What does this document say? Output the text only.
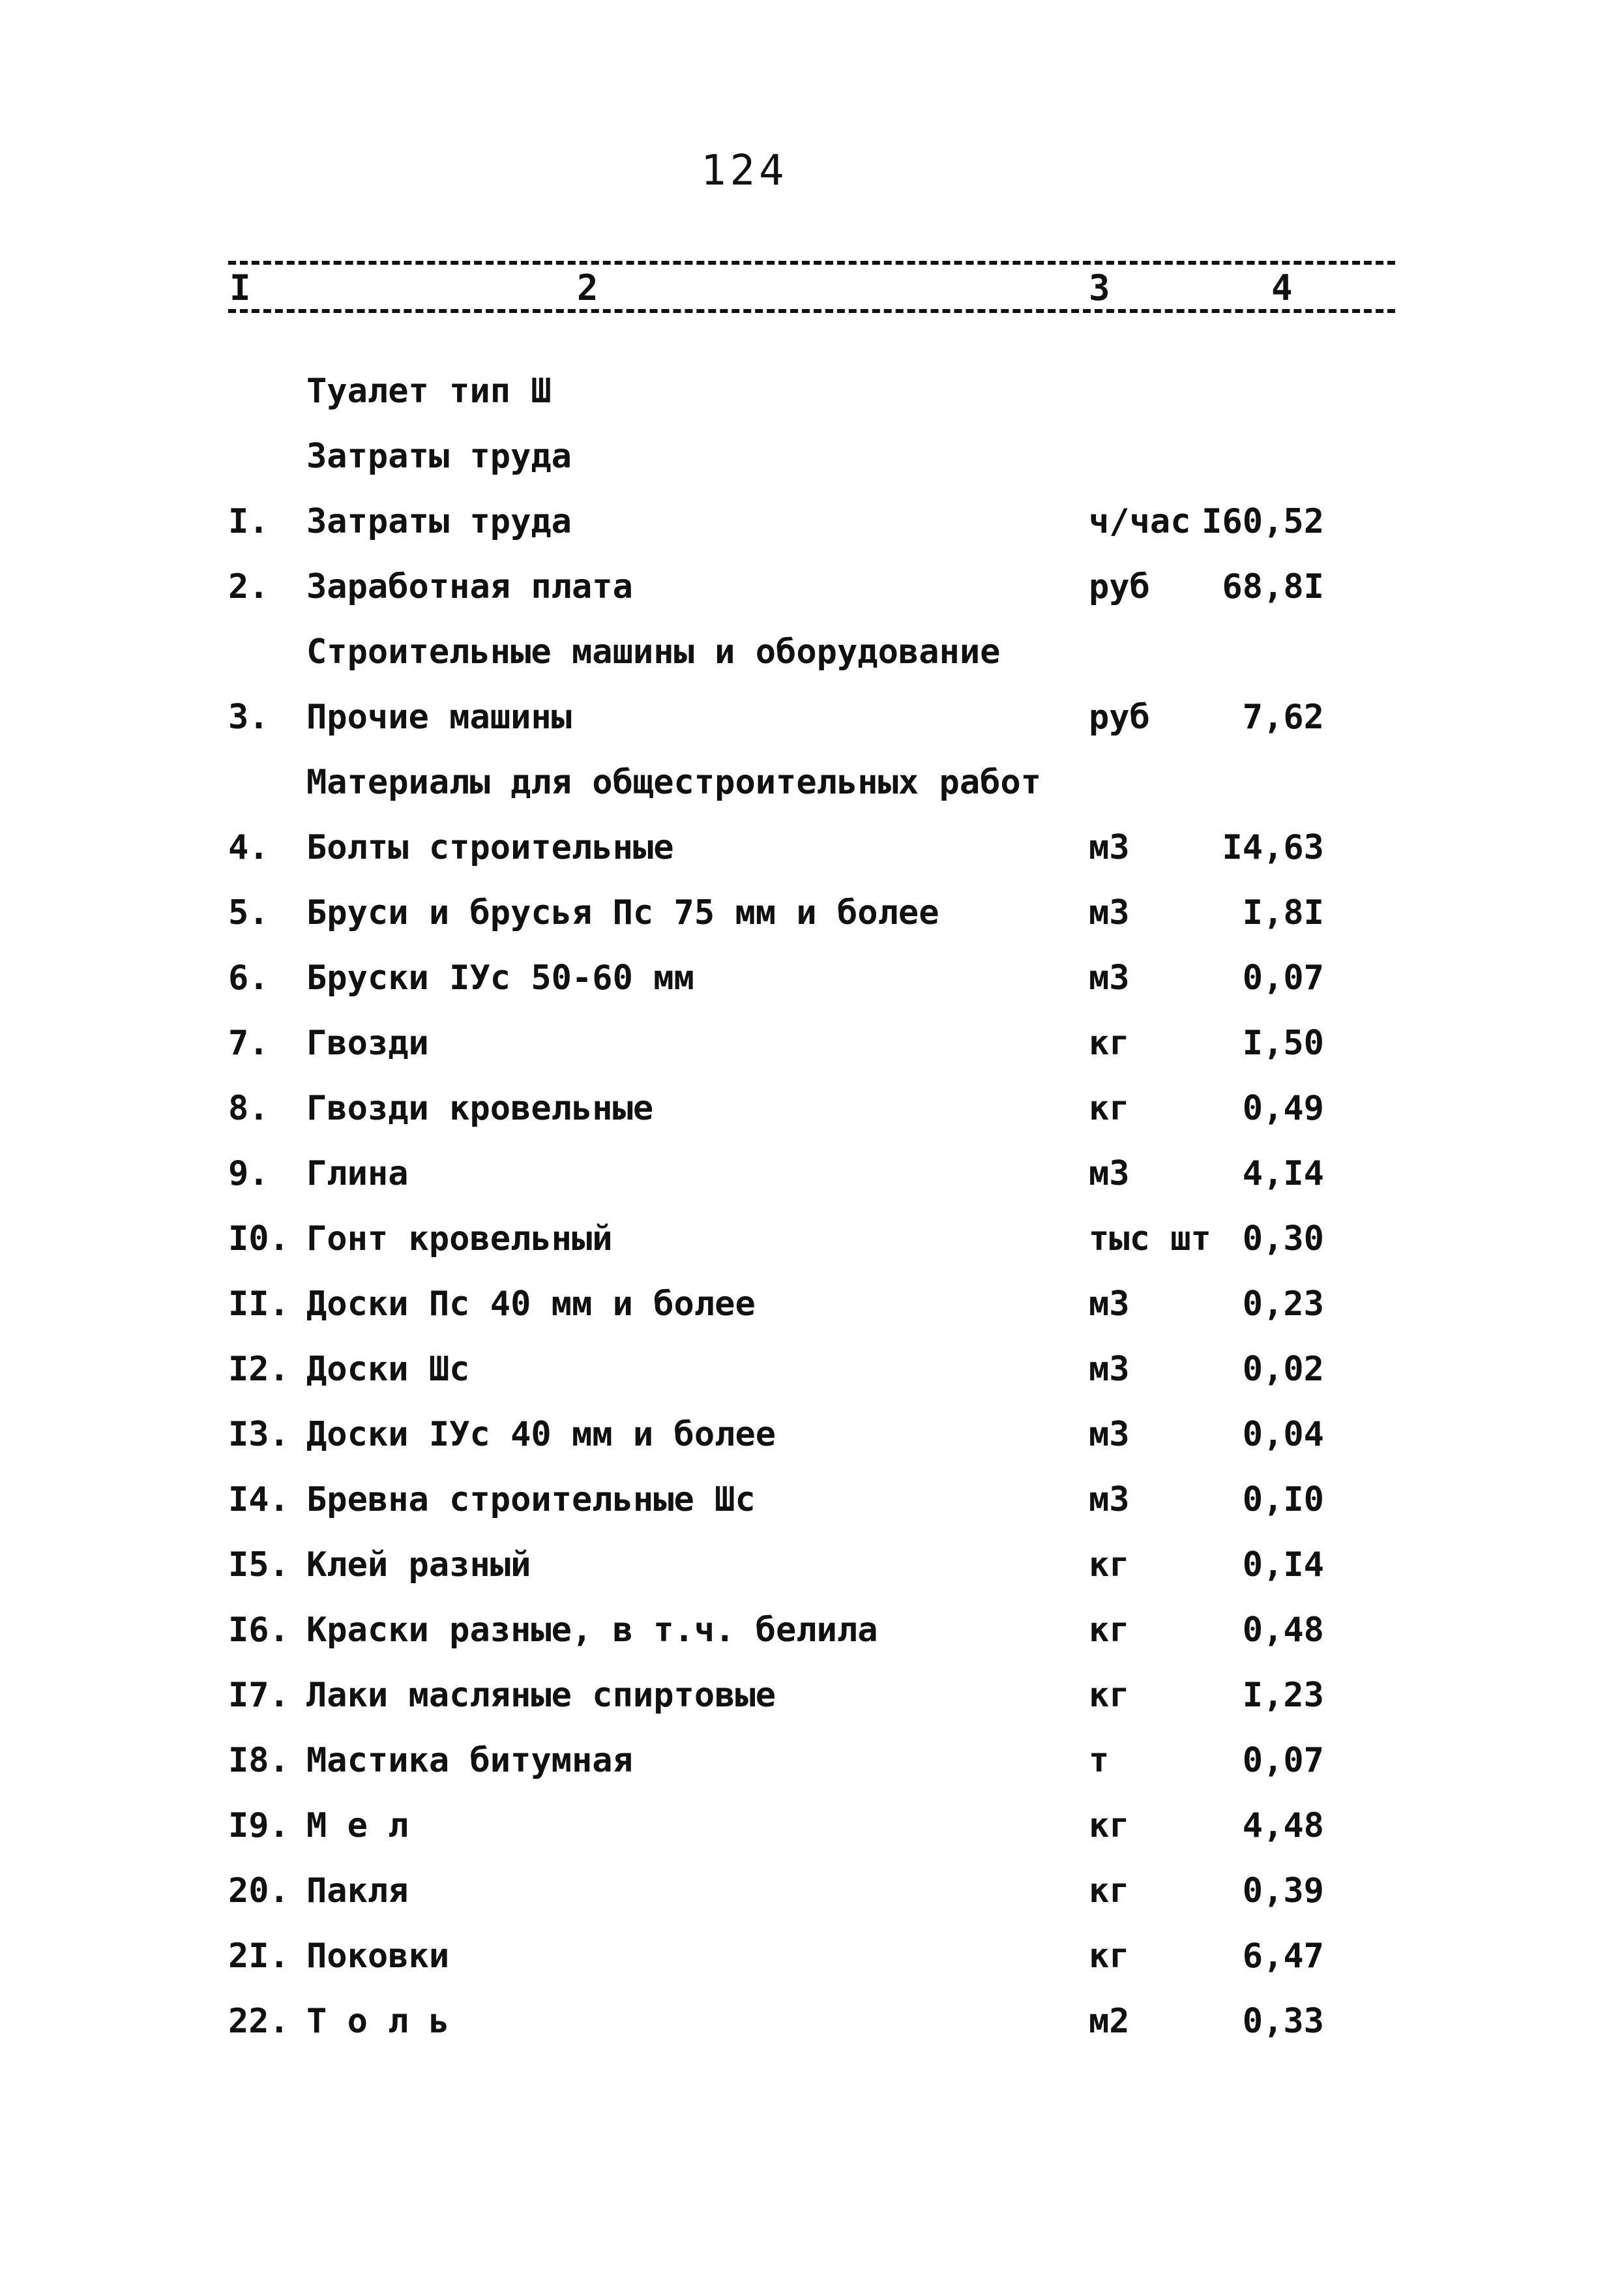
124
I	2	3	4
Туалет тип Ш
Затраты труда
I. Затраты труда	ч/час I60,52
2. Заработная плата	руб 68,8I
Строительные машины и оборудование
3. Прочие машины	руб	7,62
Материалы для общестроительных работ
4. Болты строительные	м3	I4,63
5. Бруси и брусья Пс 75 мм и более	м3	I,8I
6. Бруски IУс 50-60 мм	м3	0,07
7. Гвозди	кг	I,50
8. Гвозди кровельные	кг	0,49
9. Глина	м3	4,I4
I0. Гонт кровельный	тыс шт 0,30
II. Доски Пс 40 мм и более	м3	0,23
I2. Доски Шс	м3	0,02
I3. Доски IУс 40 мм и более	м3	0,04
I4. Бревна строительные Шс	м3	0,I0
I5. Клей разный	кг	0,I4
I6. Краски разные, в т.ч. белила	кг	0,48
I7. Лаки масляные спиртовые	кг	I,23
I8. Мастика битумная	т	0,07
I9. М е л	кг	4,48
20. Пакля	кг	0,39
2I. Поковки	кг	6,47
22. Т о л ь	м2	0,33
